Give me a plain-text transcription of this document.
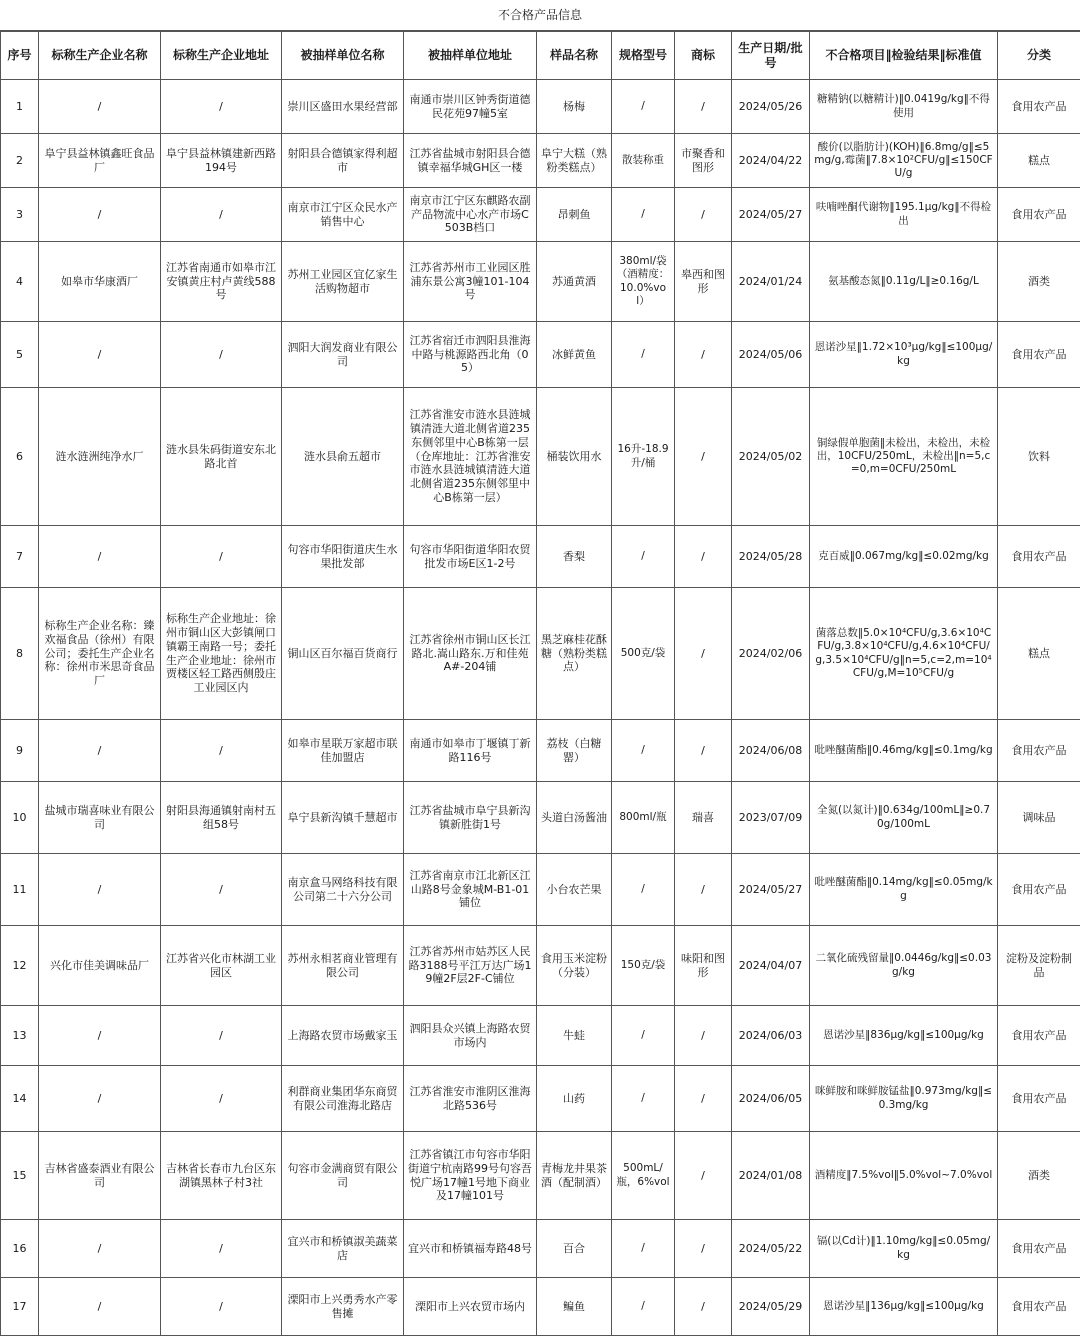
不合格产品信息
序号	标称生产企业名称	标称生产企业地址	被抽样单位名称	被抽样单位地址	样品名称	规格型号	商标	生产日期/批号	不合格项目‖检验结果‖标准值	分类
1	/	/	崇川区盛田水果经营部	南通市崇川区钟秀街道德民花苑97幢5室	杨梅	/	/	2024/05/26	糖精钠(以糖精计)‖0.0419g/kg‖不得使用	食用农产品
2	阜宁县益林镇鑫旺食品厂	阜宁县益林镇建新西路194号	射阳县合德镇家得利超市	江苏省盐城市射阳县合德镇幸福华城GH区一楼	阜宁大糕（熟粉类糕点）	散装称重	市聚香和图形	2024/04/22	酸价(以脂肪计)(KOH)‖6.8mg/g‖≤5mg/g,霉菌‖7.8×10²CFU/g‖≤150CFU/g	糕点
3	/	/	南京市江宁区众民水产销售中心	南京市江宁区东麒路农副产品物流中心水产市场C503B档口	昂刺鱼	/	/	2024/05/27	呋喃唑酮代谢物‖195.1μg/kg‖不得检出	食用农产品
4	如皋市华康酒厂	江苏省南通市如皋市江安镇黄庄村卢黄线588号	苏州工业园区宜亿家生活购物超市	江苏省苏州市工业园区胜浦东景公寓3幢101-104号	苏通黄酒	380ml/袋（酒精度：10.0%vol）	皋西和图形	2024/01/24	氨基酸态氮‖0.11g/L‖≥0.16g/L	酒类
5	/	/	泗阳大润发商业有限公司	江苏省宿迁市泗阳县淮海中路与桃源路西北角（05）	冰鲜黄鱼	/	/	2024/05/06	恩诺沙星‖1.72×10³μg/kg‖≤100μg/kg	食用农产品
6	涟水涟洲纯净水厂	涟水县朱码街道安东北路北首	涟水县俞五超市	江苏省淮安市涟水县涟城镇清涟大道北侧省道235东侧邻里中心B栋第一层（仓库地址：江苏省淮安市涟水县涟城镇清涟大道北侧省道235东侧邻里中心B栋第一层）	桶装饮用水	16升-18.9升/桶	/	2024/05/02	铜绿假单胞菌‖未检出，未检出，未检出，10CFU/250mL，未检出‖n=5,c=0,m=0CFU/250mL	饮料
7	/	/	句容市华阳街道庆生水果批发部	句容市华阳街道华阳农贸批发市场E区1-2号	香梨	/	/	2024/05/28	克百威‖0.067mg/kg‖≤0.02mg/kg	食用农产品
8	标称生产企业名称：臻欢福食品（徐州）有限公司；委托生产企业名称：徐州市米思奇食品厂	标称生产企业地址：徐州市铜山区大彭镇闸口镇霸王南路一号；委托生产企业地址：徐州市贾楼区轻工路西侧殷庄工业园区内	铜山区百尔福百货商行	江苏省徐州市铜山区长江路北.嵩山路东.万和佳苑A#-204铺	黑芝麻桂花酥糖（熟粉类糕点）	500克/袋	/	2024/02/06	菌落总数‖5.0×10⁴CFU/g,3.6×10⁴CFU/g,3.8×10⁴CFU/g,4.6×10⁴CFU/g,3.5×10⁴CFU/g‖n=5,c=2,m=10⁴CFU/g,M=10⁵CFU/g	糕点
9	/	/	如皋市星联万家超市联佳加盟店	南通市如皋市丁堰镇丁新路116号	荔枝（白糖罂）	/	/	2024/06/08	吡唑醚菌酯‖0.46mg/kg‖≤0.1mg/kg	食用农产品
10	盐城市瑞喜味业有限公司	射阳县海通镇射南村五组58号	阜宁县新沟镇千慧超市	江苏省盐城市阜宁县新沟镇新胜街1号	头道白汤酱油	800ml/瓶	瑞喜	2023/07/09	全氮(以氮计)‖0.634g/100mL‖≥0.70g/100mL	调味品
11	/	/	南京盒马网络科技有限公司第二十六分公司	江苏省南京市江北新区江山路8号金象城M-B1-01铺位	小台农芒果	/	/	2024/05/27	吡唑醚菌酯‖0.14mg/kg‖≤0.05mg/kg	食用农产品
12	兴化市佳美调味品厂	江苏省兴化市林湖工业园区	苏州永相茗商业管理有限公司	江苏省苏州市姑苏区人民路3188号平江万达广场19幢2F层2F-C铺位	食用玉米淀粉（分装）	150克/袋	味阳和图形	2024/04/07	二氧化硫残留量‖0.0446g/kg‖≤0.03g/kg	淀粉及淀粉制品
13	/	/	上海路农贸市场戴家玉	泗阳县众兴镇上海路农贸市场内	牛蛙	/	/	2024/06/03	恩诺沙星‖836μg/kg‖≤100μg/kg	食用农产品
14	/	/	利群商业集团华东商贸有限公司淮海北路店	江苏省淮安市淮阴区淮海北路536号	山药	/	/	2024/06/05	咪鲜胺和咪鲜胺锰盐‖0.973mg/kg‖≤0.3mg/kg	食用农产品
15	吉林省盛泰酒业有限公司	吉林省长春市九台区东湖镇黑林子村3社	句容市金满商贸有限公司	江苏省镇江市句容市华阳街道宁杭南路99号句容吾悦广场17幢1号地下商业及17幢101号	青梅龙井果茶酒（配制酒）	500mL/瓶，6%vol	/	2024/01/08	酒精度‖7.5%vol‖5.0%vol~7.0%vol	酒类
16	/	/	宜兴市和桥镇淑美蔬菜店	宜兴市和桥镇福寿路48号	百合	/	/	2024/05/22	镉(以Cd计)‖1.10mg/kg‖≤0.05mg/kg	食用农产品
17	/	/	溧阳市上兴勇秀水产零售摊	溧阳市上兴农贸市场内	鳊鱼	/	/	2024/05/29	恩诺沙星‖136μg/kg‖≤100μg/kg	食用农产品
